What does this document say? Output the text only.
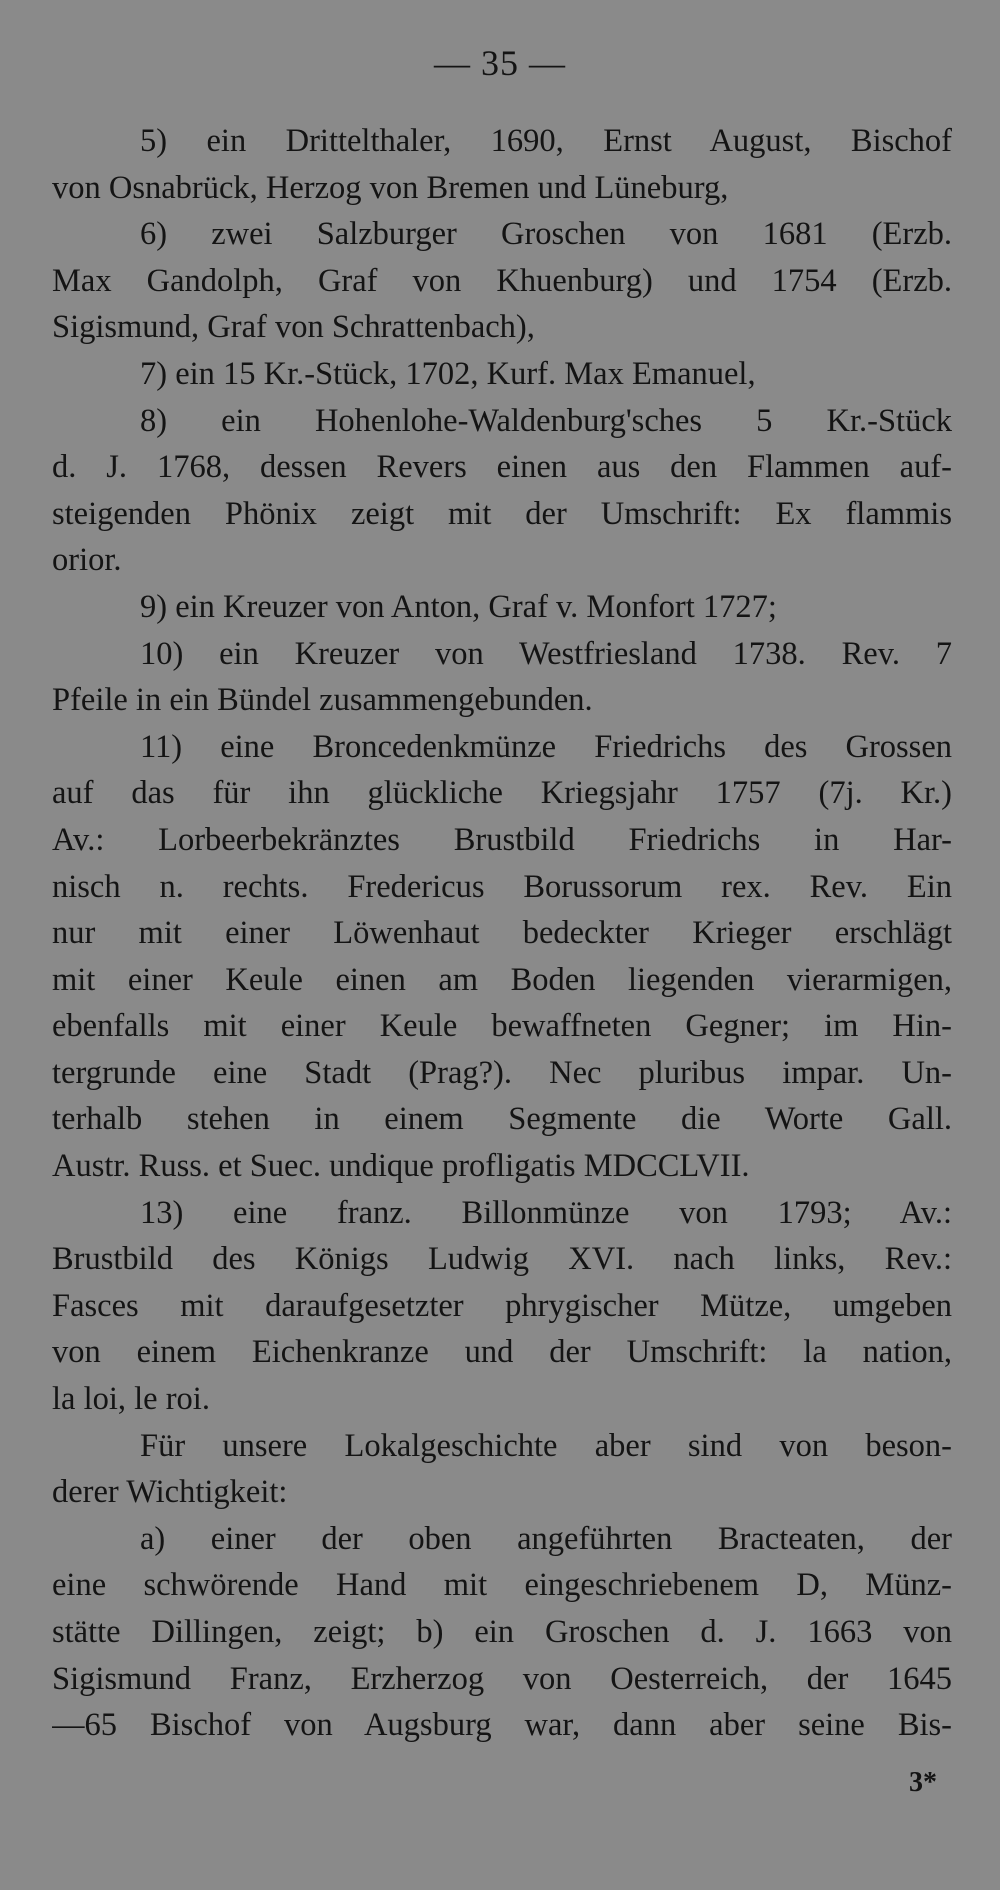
— 35 —
5) ein Drittelthaler, 1690, Ernst August, Bischof
von Osnabrück, Herzog von Bremen und Lüneburg,
6) zwei Salzburger Groschen von 1681 (Erzb.
Max Gandolph, Graf von Khuenburg) und 1754 (Erzb.
Sigismund, Graf von Schrattenbach),
7) ein 15 Kr.-Stück, 1702, Kurf. Max Emanuel,
8) ein Hohenlohe-Waldenburg'sches 5 Kr.-Stück
d. J. 1768, dessen Revers einen aus den Flammen auf-
steigenden Phönix zeigt mit der Umschrift: Ex flammis
orior.
9) ein Kreuzer von Anton, Graf v. Monfort 1727;
10) ein Kreuzer von Westfriesland 1738. Rev. 7
Pfeile in ein Bündel zusammengebunden.
11) eine Broncedenkmünze Friedrichs des Grossen
auf das für ihn glückliche Kriegsjahr 1757 (7j. Kr.)
Av.: Lorbeerbekränztes Brustbild Friedrichs in Har-
nisch n. rechts. Fredericus Borussorum rex. Rev. Ein
nur mit einer Löwenhaut bedeckter Krieger erschlägt
mit einer Keule einen am Boden liegenden vierarmigen,
ebenfalls mit einer Keule bewaffneten Gegner; im Hin-
tergrunde eine Stadt (Prag?). Nec pluribus impar. Un-
terhalb stehen in einem Segmente die Worte Gall.
Austr. Russ. et Suec. undique profligatis MDCCLVII.
13) eine franz. Billonmünze von 1793; Av.:
Brustbild des Königs Ludwig XVI. nach links, Rev.:
Fasces mit daraufgesetzter phrygischer Mütze, umgeben
von einem Eichenkranze und der Umschrift: la nation,
la loi, le roi.
Für unsere Lokalgeschichte aber sind von beson-
derer Wichtigkeit:
a) einer der oben angeführten Bracteaten, der
eine schwörende Hand mit eingeschriebenem D, Münz-
stätte Dillingen, zeigt; b) ein Groschen d. J. 1663 von
Sigismund Franz, Erzherzog von Oesterreich, der 1645
—65 Bischof von Augsburg war, dann aber seine Bis-
3*
